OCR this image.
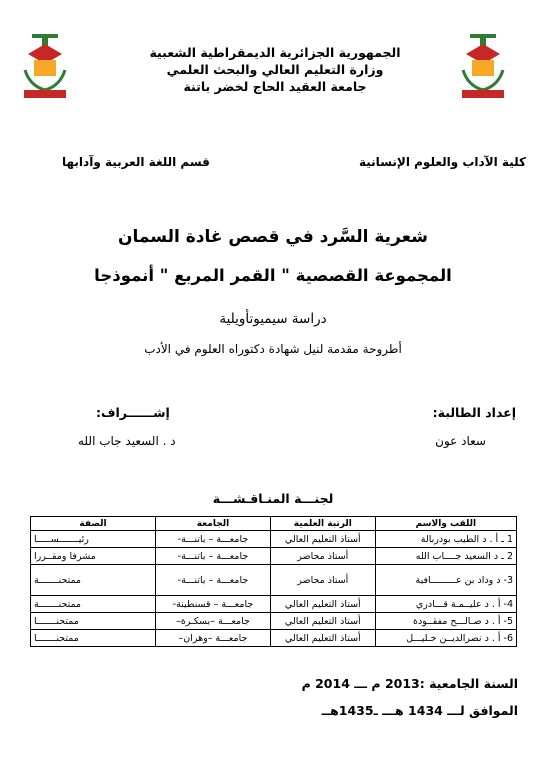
الجمهورية الجزائرية الديمقراطية الشعبية
وزارة التعليم العالي والبحث العلمي
جامعة العقيد الحاج لخضر باتنة
كلية الآداب والعلوم الإنسانية
قسم اللغة العربية وآدابها
شعرية السَّرد في قصص غادة السمان
المجموعة القصصية " القمر المربع " أنموذجا
دراسة سيميوتأويلية
أطروحة مقدمة لنيل شهادة دكتوراه العلوم في الأدب
إعداد الطالبة:
سعاد عون
إشــــــراف:
د . السعيد جاب الله
لجنـــة المنـاقـشـــة
اللقب والاسم	الرتبة العلمية	الجامعة	الصفة
1 ـ أ . د الطيب بودربالة	أستاذ التعليم العالي	جامعـــة – باتنـــة-	رئيـــــــســـــا
2 ـ د السعيد جــــاب الله	أستاذ محاضر	جامعـــة – باتنـــة-	مشرفا ومقــررا
3- د وداد بن عـــــــــافية	أستاذ محاضر	جامعـــة – باتنـــة-	ممتحنـــــــة
4- أ . د عليــمـة قـــادري	أستاذ التعليم العالي	جامعـــة – قسنطينة-	ممتحنـــــــة
5- أ . د صـالـــح مفقــودة	أستاذ التعليم العالي	جامعـــة –بسكـرة–	ممتحنـــــــا
6- أ . د نصرالديــن خـليـــل	أستاذ التعليم العالي	جامعـــة –وهران–	ممتحنـــــــا
السنة الجامعية :2013 م ـــ 2014 م
الموافق لـــ 1434 هـــ ـ1435هــ
